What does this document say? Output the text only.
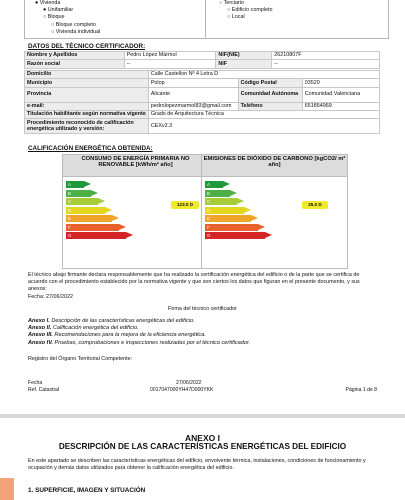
● Vivienda
● Unifamiliar
○ Bloque
○ Bloque completo
○ Vivienda individual
○ Terciario
○ Edificio completo
○ Local
DATOS DEL TÉCNICO CERTIFICADOR:
Nombre y Apellidos	Pedro López Mármol	NIF(NIE)	26210807F
Razón social	--	NIF	--
Domicilio	Calle Castellon Nº 4 Letra D		
Municipio	Polop	Código Postal	03520
Provincia	Alicante	Comunidad Autónoma	Comunidad Valenciana
e-mail:	pedrolopezmarmol83@gmail.com	Teléfono	651854969
Titulación habilitante según normativa vigente	Grado de Arquitectura Técnica		
Procedimiento reconocido de calificación energética utilizado y versión:	CEXv2.3		
CALIFICACIÓN ENERGÉTICA OBTENIDA:
CONSUMO DE ENERGÍA PRIMARIA NO RENOVABLE [kWh/m² año]
A
B
C
D
E
F
G
123.0 D
EMISIONES DE DIÓXIDO DE CARBONO [kgCO2/ m² año]
A
B
C
D
E
F
G
25.0 D

El técnico abajo firmante declara responsablemente que ha realizado la certificación energética del edificio o de la parte que se certifica de acuerdo con el procedimiento establecido por la normativa vigente y que son ciertos los datos que figuran en el presente documento, y sus anexos:

Fecha: 27/06/2022

Firma del técnico certificador

Anexo I. Descripción de las características energéticas del edificio.
Anexo II. Calificación energética del edificio.
Anexo III. Recomendaciones para la mejora de la eficiencia energética.
Anexo IV. Pruebas, comprobaciones e inspecciones realizadas por el técnico certificador.

Registro del Órgano Territorial Competente:

Fecha	27/06/2022
Ref. Catastral	0017047000YH47D000YKK	Página 1 de 8
ANEXO I
DESCRIPCIÓN DE LAS CARACTERÍSTICAS ENERGÉTICAS DEL EDIFICIO

En este apartado se describen las características energéticas del edificio, envolvente térmica, instalaciones, condiciones de funcionamiento y ocupación y demás datos utilizados para obtener la calificación energética del edificio.

1. SUPERFICIE, IMAGEN Y SITUACIÓN
